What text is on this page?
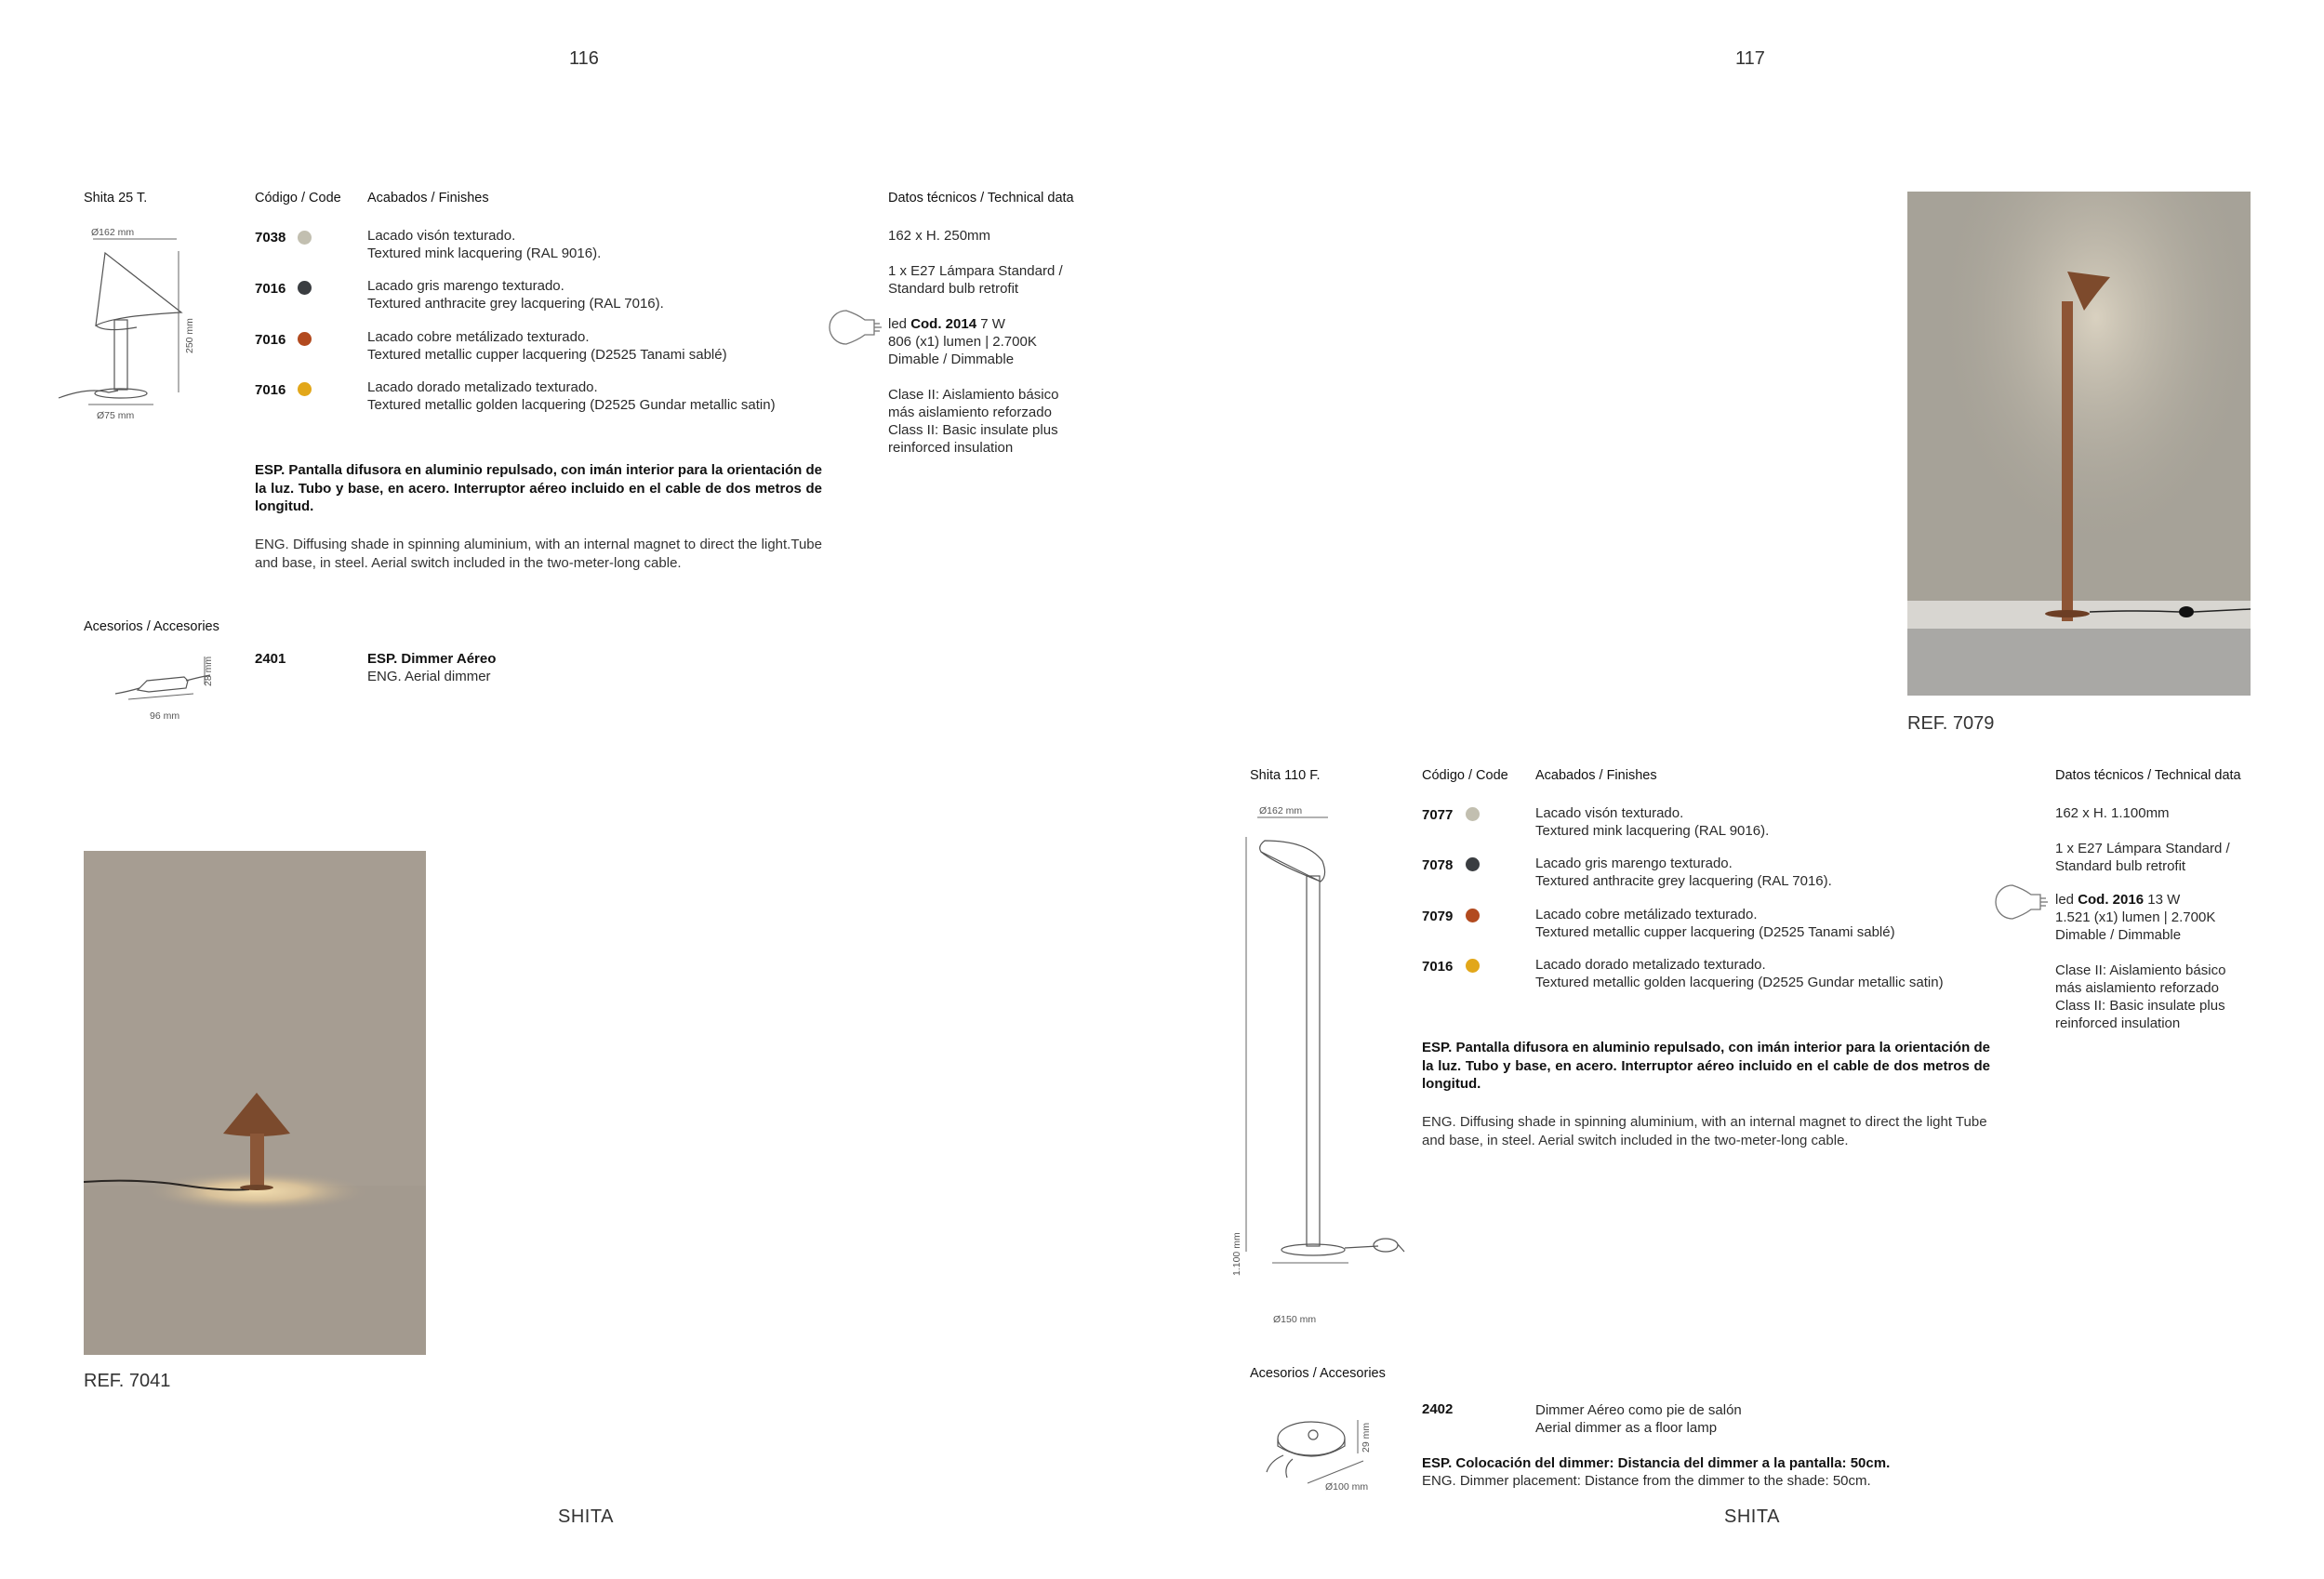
116	117
Shita 25 T.	Código / Code Acabados / Finishes	Datos técnicos / Technical data
Ø162 mm
250 mm
Ø75 mm
7038	Lacado visón texturado.
Textured mink lacquering (RAL 9016).
7016	Lacado gris marengo texturado.
Textured anthracite grey lacquering (RAL 7016).
7016	Lacado cobre metálizado texturado.
Textured metallic cupper lacquering (D2525 Tanami sablé)
7016	Lacado dorado metalizado texturado.
Textured metallic golden lacquering (D2525 Gundar metallic satin)
162 x H. 250mm
1 x E27 Lámpara Standard /
Standard bulb retrofit
led Cod. 2014 7 W
806 (x1) lumen | 2.700K
Dimable / Dimmable
Clase II: Aislamiento básico
más aislamiento reforzado
Class II: Basic insulate plus
reinforced insulation
ESP. Pantalla difusora en aluminio repulsado, con imán interior para la orientación de la luz. Tubo y base, en acero. Interruptor aéreo incluido en el cable de dos metros de longitud.
ENG. Diffusing shade in spinning aluminium, with an internal magnet to direct the light.Tube and base, in steel. Aerial switch included in the two-meter-long cable.
Acesorios / Accesories
28 mm
96 mm
2401	ESP. Dimmer Aéreo
ENG. Aerial dimmer
REF. 7041
SHITA
REF. 7079
Shita 110 F.	Código / Code Acabados / Finishes	Datos técnicos / Technical data
Ø162 mm
1.100 mm
Ø150 mm
7077	Lacado visón texturado.
Textured mink lacquering (RAL 9016).
7078	Lacado gris marengo texturado.
Textured anthracite grey lacquering (RAL 7016).
7079	Lacado cobre metálizado texturado.
Textured metallic cupper lacquering (D2525 Tanami sablé)
7016	Lacado dorado metalizado texturado.
Textured metallic golden lacquering (D2525 Gundar metallic satin)
162 x H. 1.100mm
1 x E27 Lámpara Standard /
Standard bulb retrofit
led Cod. 2016 13 W
1.521 (x1) lumen | 2.700K
Dimable / Dimmable
Clase II: Aislamiento básico
más aislamiento reforzado
Class II: Basic insulate plus
reinforced insulation
ESP. Pantalla difusora en aluminio repulsado, con imán interior para la orientación de la luz. Tubo y base, en acero. Interruptor aéreo incluido en el cable de dos metros de longitud.
ENG. Diffusing shade in spinning aluminium, with an internal magnet to direct the light Tube and base, in steel. Aerial switch included in the two-meter-long cable.
Acesorios / Accesories
29 mm
Ø100 mm
2402	Dimmer Aéreo como pie de salón
Aerial dimmer as a floor lamp
ESP. Colocación del dimmer: Distancia del dimmer a la pantalla: 50cm.
ENG. Dimmer placement: Distance from the dimmer to the shade: 50cm.
SHITA
